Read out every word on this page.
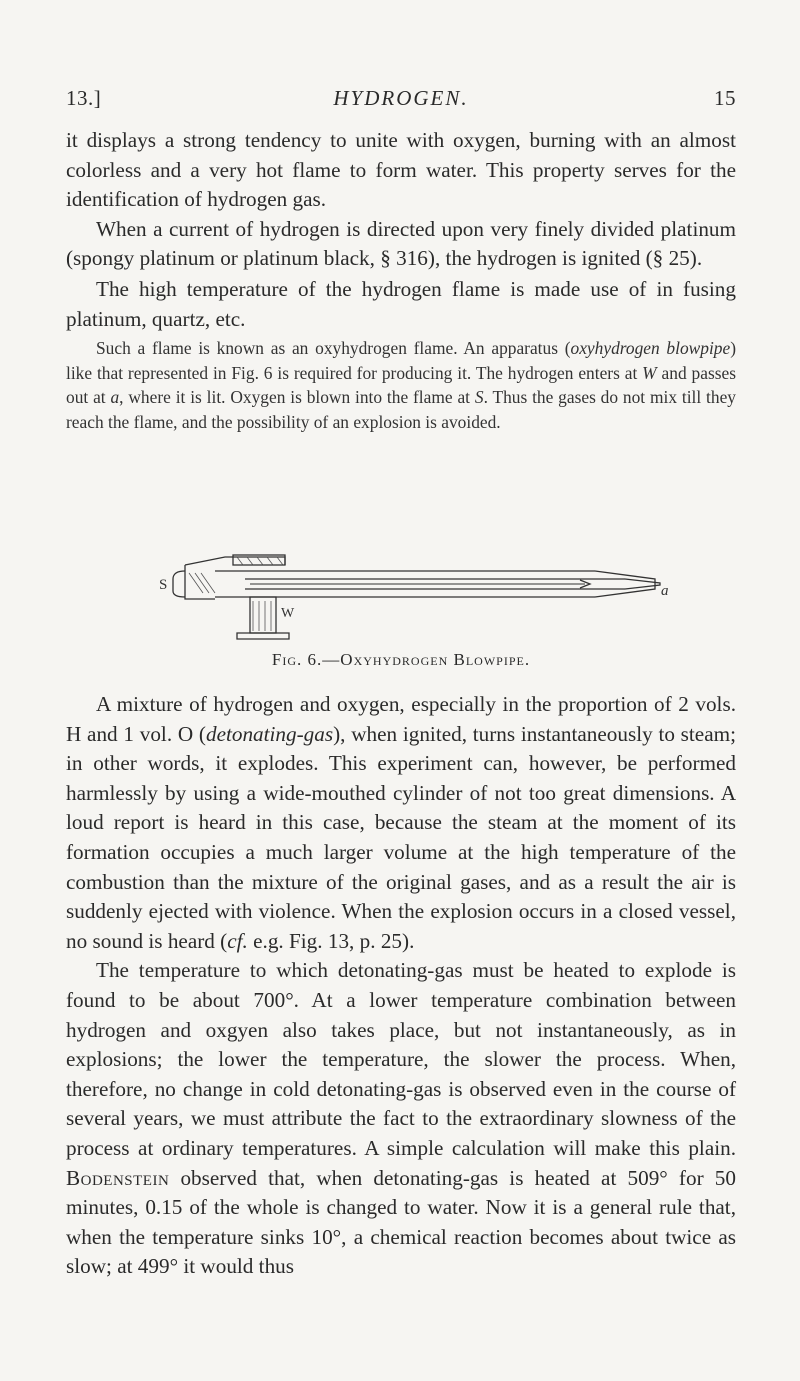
13.]	HYDROGEN.	15

it displays a strong tendency to unite with oxygen, burning with an almost colorless and a very hot flame to form water. This property serves for the identification of hydrogen gas.

When a current of hydrogen is directed upon very finely divided platinum (spongy platinum or platinum black, § 316), the hydrogen is ignited (§ 25).

The high temperature of the hydrogen flame is made use of in fusing platinum, quartz, etc.

Such a flame is known as an oxyhydrogen flame. An apparatus (oxyhydrogen blowpipe) like that represented in Fig. 6 is required for producing it. The hydrogen enters at W and passes out at a, where it is lit. Oxygen is blown into the flame at S. Thus the gases do not mix till they reach the flame, and the possibility of an explosion is avoided.

S
W
a
Fig. 6.—Oxyhydrogen Blowpipe.

A mixture of hydrogen and oxygen, especially in the proportion of 2 vols. H and 1 vol. O (detonating-gas), when ignited, turns instantaneously to steam; in other words, it explodes. This experiment can, however, be performed harmlessly by using a wide-mouthed cylinder of not too great dimensions. A loud report is heard in this case, because the steam at the moment of its formation occupies a much larger volume at the high temperature of the combustion than the mixture of the original gases, and as a result the air is suddenly ejected with violence. When the explosion occurs in a closed vessel, no sound is heard (cf. e.g. Fig. 13, p. 25).

The temperature to which detonating-gas must be heated to explode is found to be about 700°. At a lower temperature combination between hydrogen and oxgyen also takes place, but not instantaneously, as in explosions; the lower the temperature, the slower the process. When, therefore, no change in cold detonating-gas is observed even in the course of several years, we must attribute the fact to the extraordinary slowness of the process at ordinary temperatures. A simple calculation will make this plain. Bodenstein observed that, when detonating-gas is heated at 509° for 50 minutes, 0.15 of the whole is changed to water. Now it is a general rule that, when the temperature sinks 10°, a chemical reaction becomes about twice as slow; at 499° it would thus
